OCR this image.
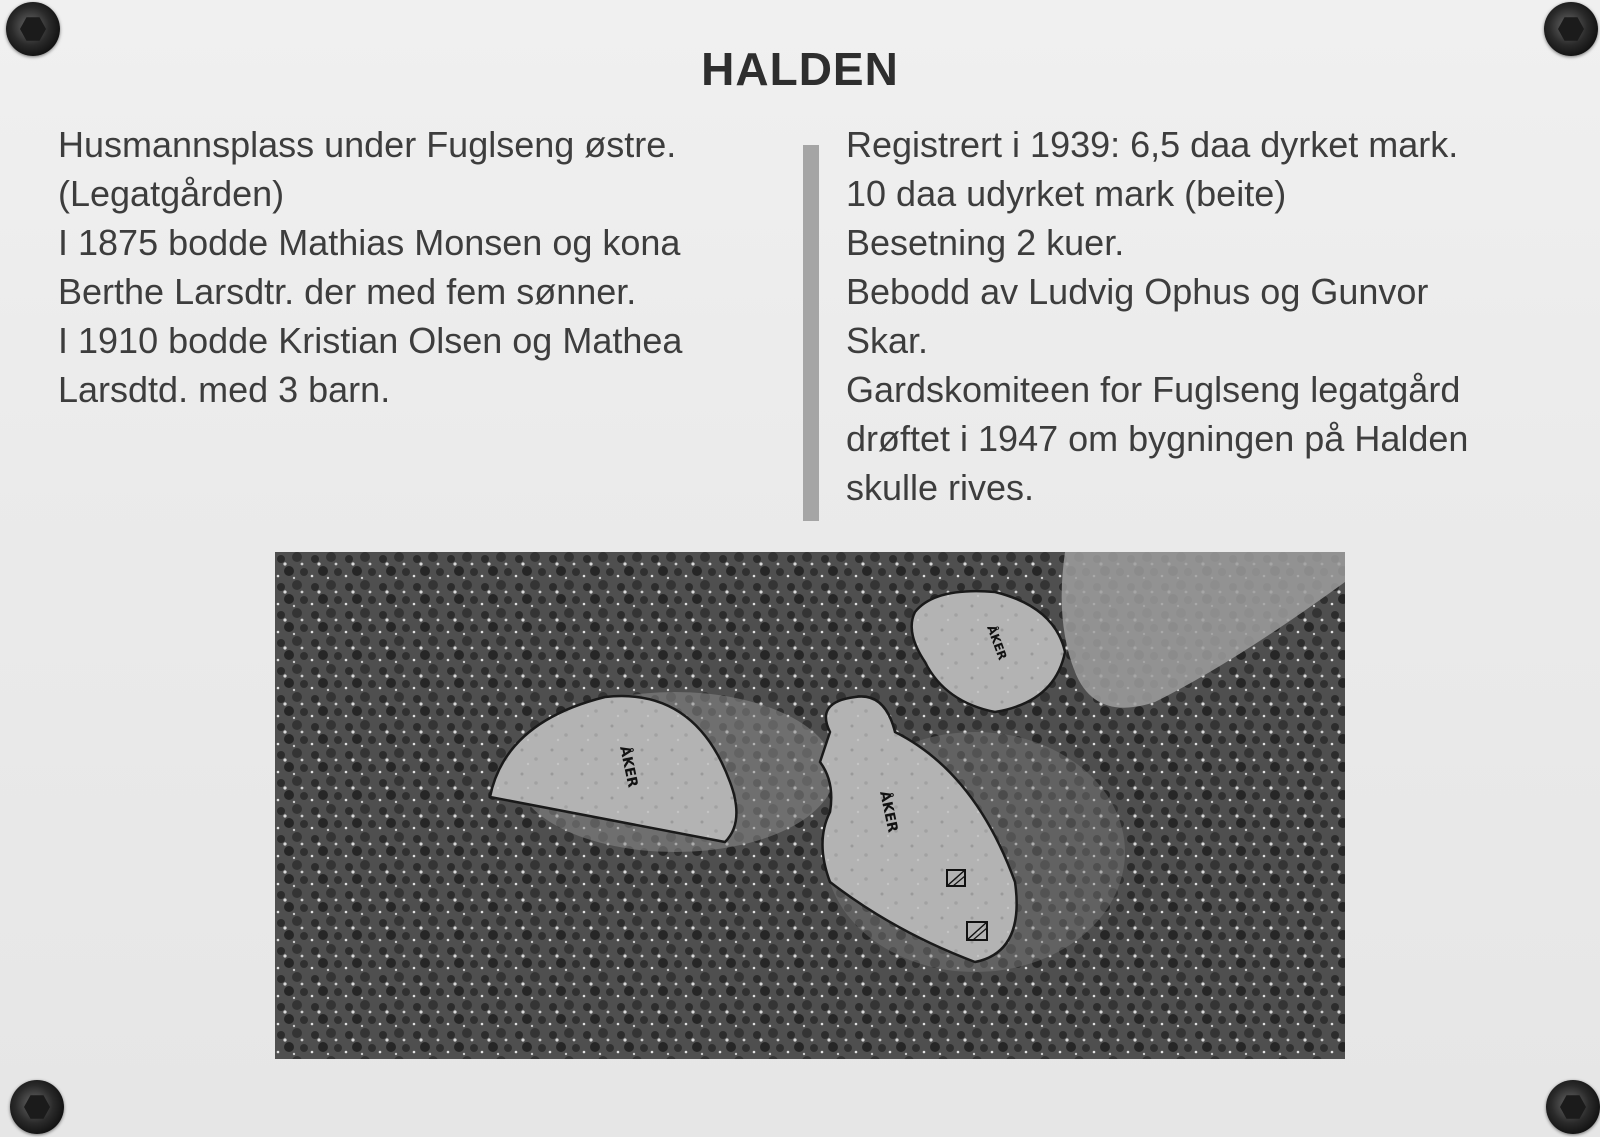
HALDEN
Husmannsplass under Fuglseng østre.
(Legatgården)
I 1875 bodde Mathias Monsen og kona
Berthe Larsdtr. der med fem sønner.
I 1910 bodde Kristian Olsen og Mathea
Larsdtd. med 3 barn.
Registrert i 1939: 6,5 daa dyrket mark.
10 daa udyrket mark (beite)
Besetning 2 kuer.
Bebodd av Ludvig Ophus og Gunvor
Skar.
Gardskomiteen for Fuglseng legatgård
drøftet i 1947 om bygningen på Halden
skulle rives.
ÅKER
ÅKER
ÅKER
